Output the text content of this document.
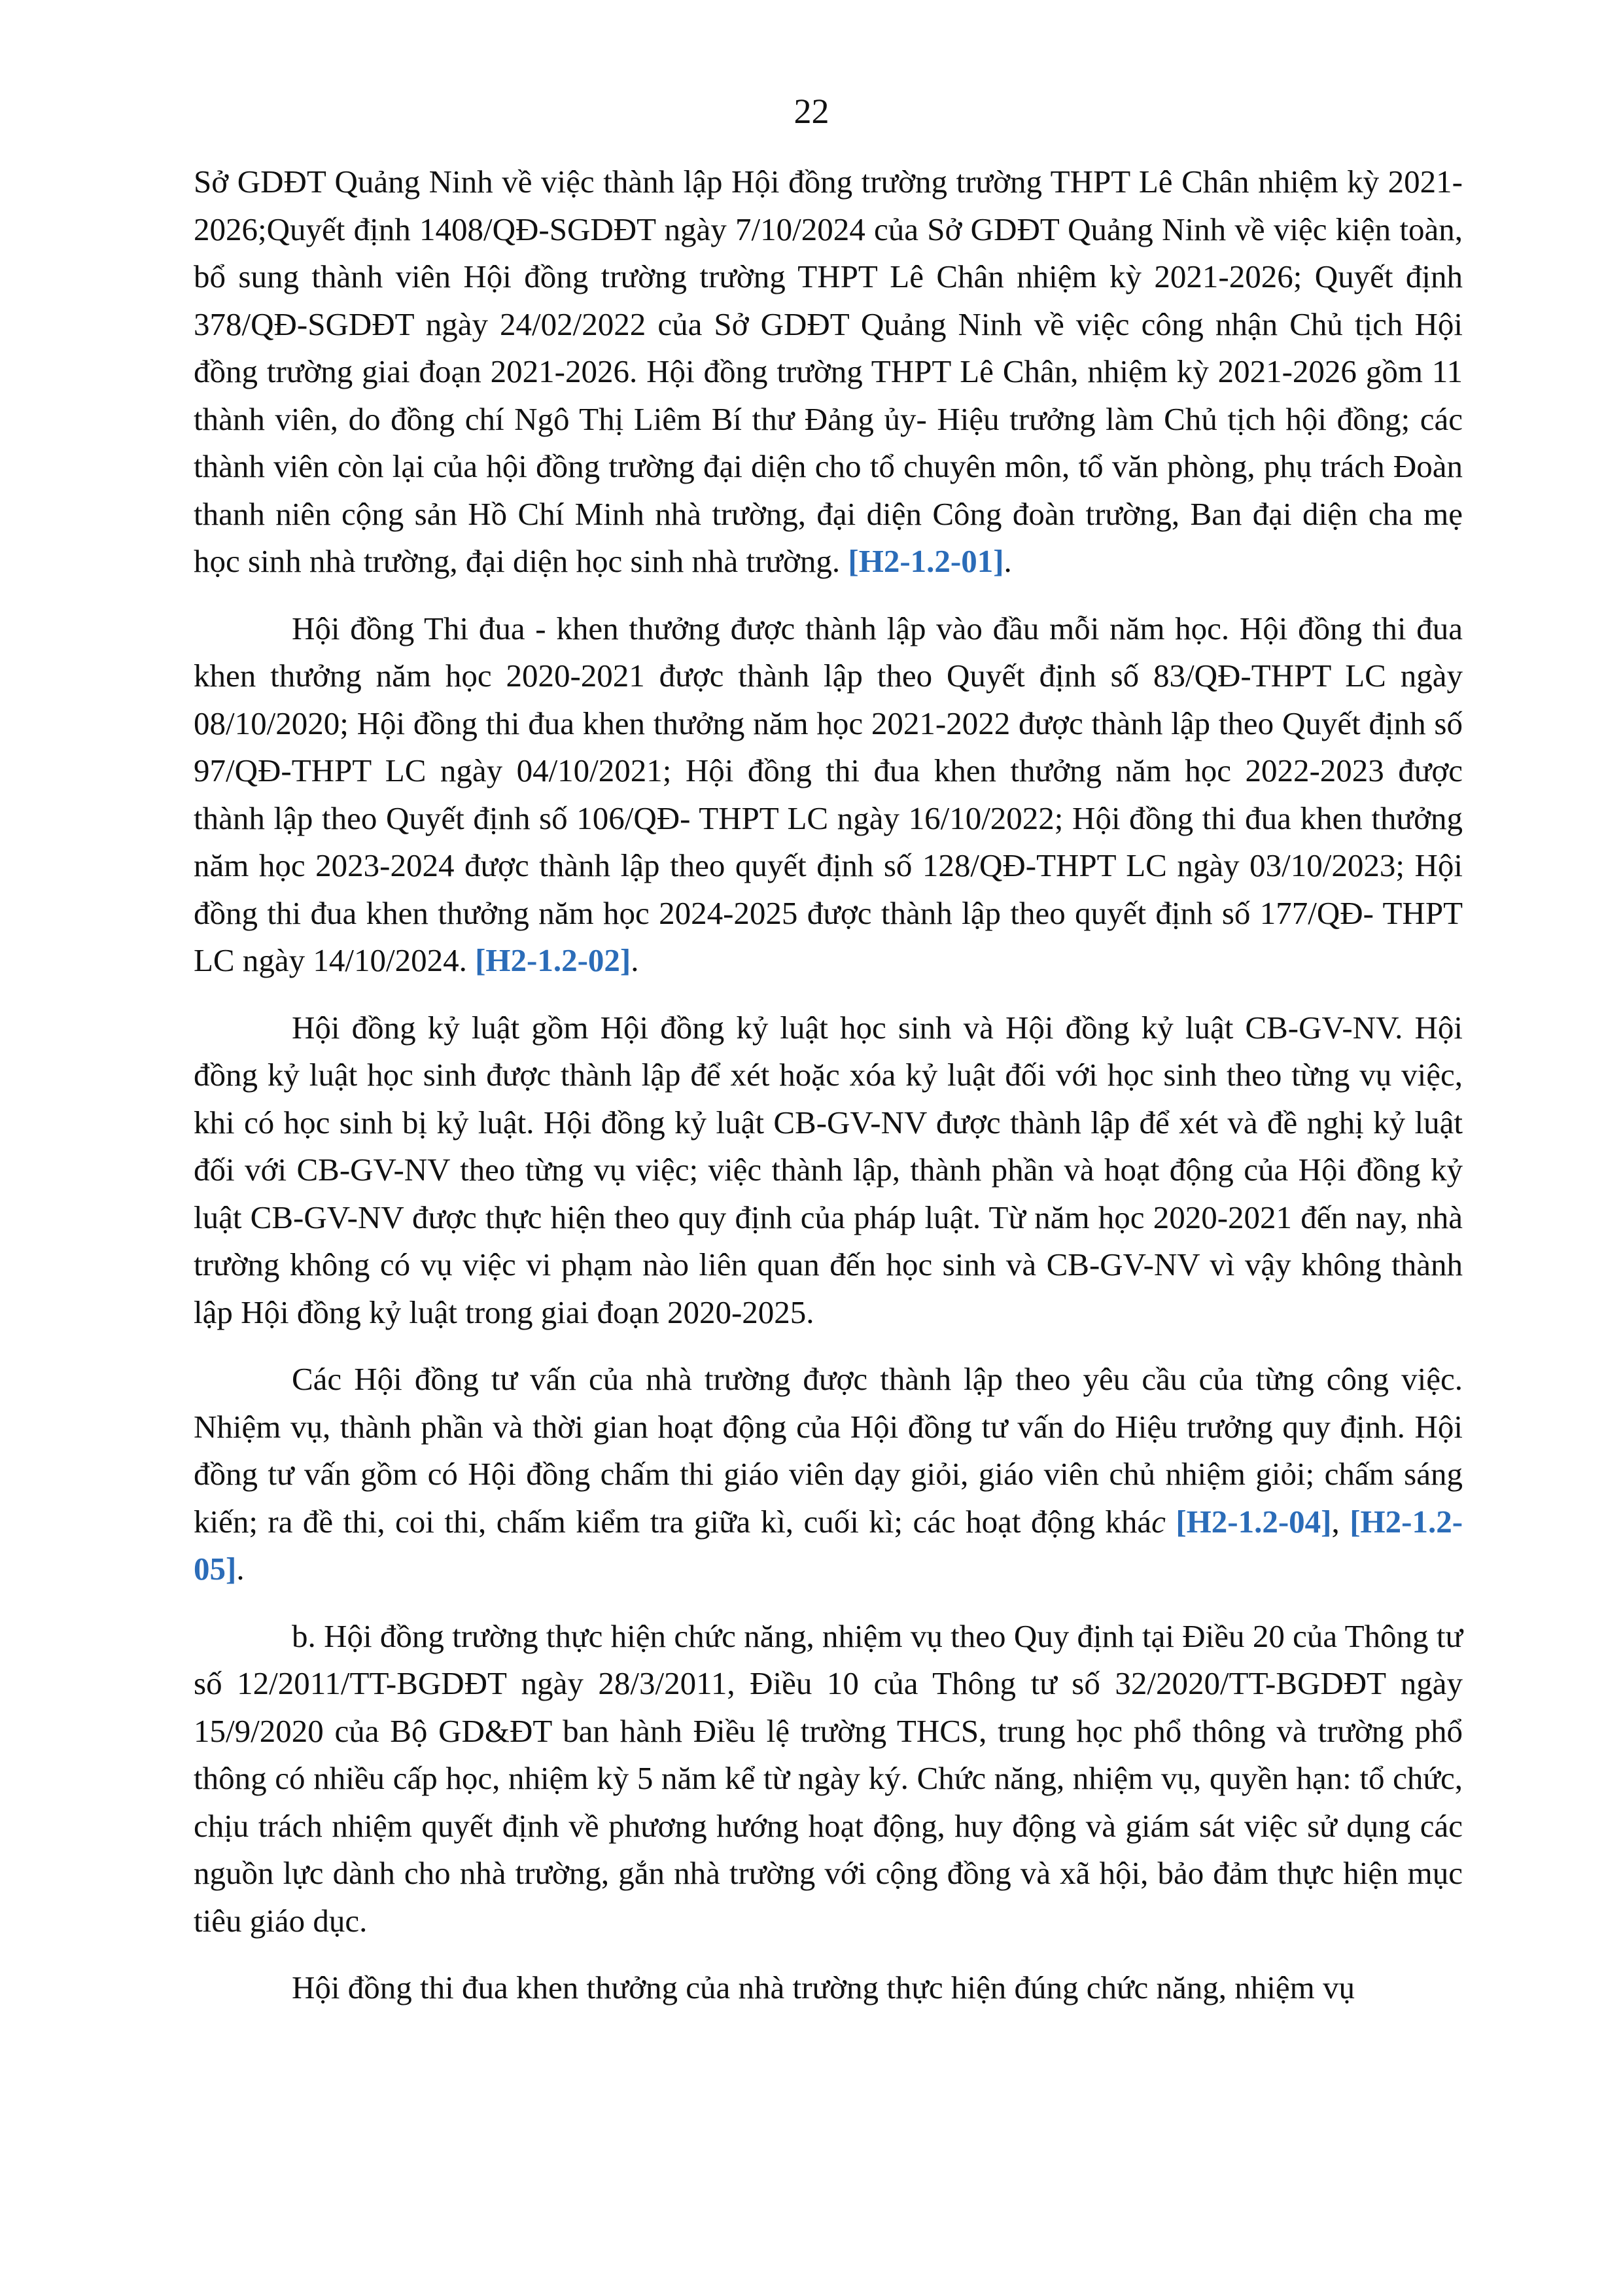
22

Sở GDĐT Quảng Ninh về việc thành lập Hội đồng trường trường THPT Lê Chân nhiệm kỳ 2021-2026;Quyết định 1408/QĐ-SGDĐT ngày 7/10/2024 của Sở GDĐT Quảng Ninh về việc kiện toàn, bổ sung thành viên Hội đồng trường trường THPT Lê Chân nhiệm kỳ 2021-2026; Quyết định 378/QĐ-SGDĐT ngày 24/02/2022 của Sở GDĐT Quảng Ninh về việc công nhận Chủ tịch Hội đồng trường giai đoạn 2021-2026. Hội đồng trường THPT Lê Chân, nhiệm kỳ 2021-2026 gồm 11 thành viên, do đồng chí Ngô Thị Liêm Bí thư Đảng ủy- Hiệu trưởng làm Chủ tịch hội đồng; các thành viên còn lại của hội đồng trường đại diện cho tổ chuyên môn, tổ văn phòng, phụ trách Đoàn thanh niên cộng sản Hồ Chí Minh nhà trường, đại diện Công đoàn trường, Ban đại diện cha mẹ học sinh nhà trường, đại diện học sinh nhà trường. [H2-1.2-01].

Hội đồng Thi đua - khen thưởng được thành lập vào đầu mỗi năm học. Hội đồng thi đua khen thưởng năm học 2020-2021 được thành lập theo Quyết định số 83/QĐ-THPT LC ngày 08/10/2020; Hội đồng thi đua khen thưởng năm học 2021-2022 được thành lập theo Quyết định số 97/QĐ-THPT LC ngày 04/10/2021; Hội đồng thi đua khen thưởng năm học 2022-2023 được thành lập theo Quyết định số 106/QĐ- THPT LC ngày 16/10/2022; Hội đồng thi đua khen thưởng năm học 2023-2024 được thành lập theo quyết định số 128/QĐ-THPT LC ngày 03/10/2023; Hội đồng thi đua khen thưởng năm học 2024-2025 được thành lập theo quyết định số 177/QĐ- THPT LC ngày 14/10/2024. [H2-1.2-02].

Hội đồng kỷ luật gồm Hội đồng kỷ luật học sinh và Hội đồng kỷ luật CB-GV-NV. Hội đồng kỷ luật học sinh được thành lập để xét hoặc xóa kỷ luật đối với học sinh theo từng vụ việc, khi có học sinh bị kỷ luật. Hội đồng kỷ luật CB-GV-NV được thành lập để xét và đề nghị kỷ luật đối với CB-GV-NV theo từng vụ việc; việc thành lập, thành phần và hoạt động của Hội đồng kỷ luật CB-GV-NV được thực hiện theo quy định của pháp luật. Từ năm học 2020-2021 đến nay, nhà trường không có vụ việc vi phạm nào liên quan đến học sinh và CB-GV-NV vì vậy không thành lập Hội đồng kỷ luật trong giai đoạn 2020-2025.

Các Hội đồng tư vấn của nhà trường được thành lập theo yêu cầu của từng công việc. Nhiệm vụ, thành phần và thời gian hoạt động của Hội đồng tư vấn do Hiệu trưởng quy định. Hội đồng tư vấn gồm có Hội đồng chấm thi giáo viên dạy giỏi, giáo viên chủ nhiệm giỏi; chấm sáng kiến; ra đề thi, coi thi, chấm kiểm tra giữa kì, cuối kì; các hoạt động khác [H2-1.2-04], [H2-1.2-05].

b. Hội đồng trường thực hiện chức năng, nhiệm vụ theo Quy định tại Điều 20 của Thông tư số 12/2011/TT-BGDĐT ngày 28/3/2011, Điều 10 của Thông tư số 32/2020/TT-BGDĐT ngày 15/9/2020 của Bộ GD&ĐT ban hành Điều lệ trường THCS, trung học phổ thông và trường phổ thông có nhiều cấp học, nhiệm kỳ 5 năm kể từ ngày ký. Chức năng, nhiệm vụ, quyền hạn: tổ chức, chịu trách nhiệm quyết định về phương hướng hoạt động, huy động và giám sát việc sử dụng các nguồn lực dành cho nhà trường, gắn nhà trường với cộng đồng và xã hội, bảo đảm thực hiện mục tiêu giáo dục.

Hội đồng thi đua khen thưởng của nhà trường thực hiện đúng chức năng, nhiệm vụ
